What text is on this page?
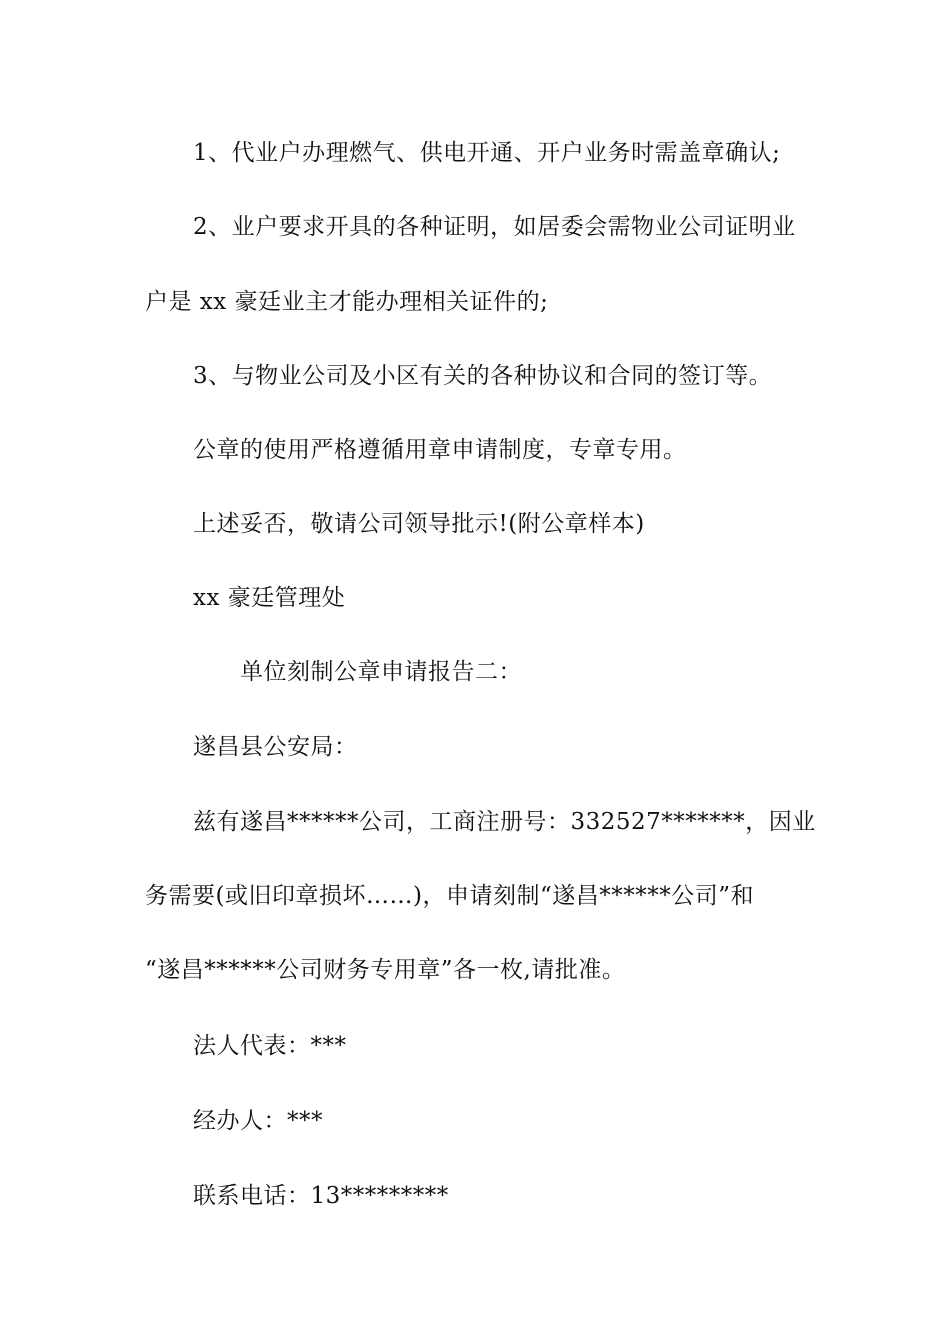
1、代业户办理燃气、供电开通、开户业务时需盖章确认;
2、业户要求开具的各种证明，如居委会需物业公司证明业
户是 xx 豪廷业主才能办理相关证件的;
3、与物业公司及小区有关的各种协议和合同的签订等。
公章的使用严格遵循用章申请制度，专章专用。
上述妥否，敬请公司领导批示!(附公章样本)
xx 豪廷管理处
单位刻制公章申请报告二：
遂昌县公安局：
兹有遂昌******公司，工商注册号：332527*******，因业
务需要(或旧印章损坏……)，申请刻制“遂昌******公司”和
“遂昌******公司财务专用章”各一枚,请批准。
法人代表：***
经办人：***
联系电话：13*********
